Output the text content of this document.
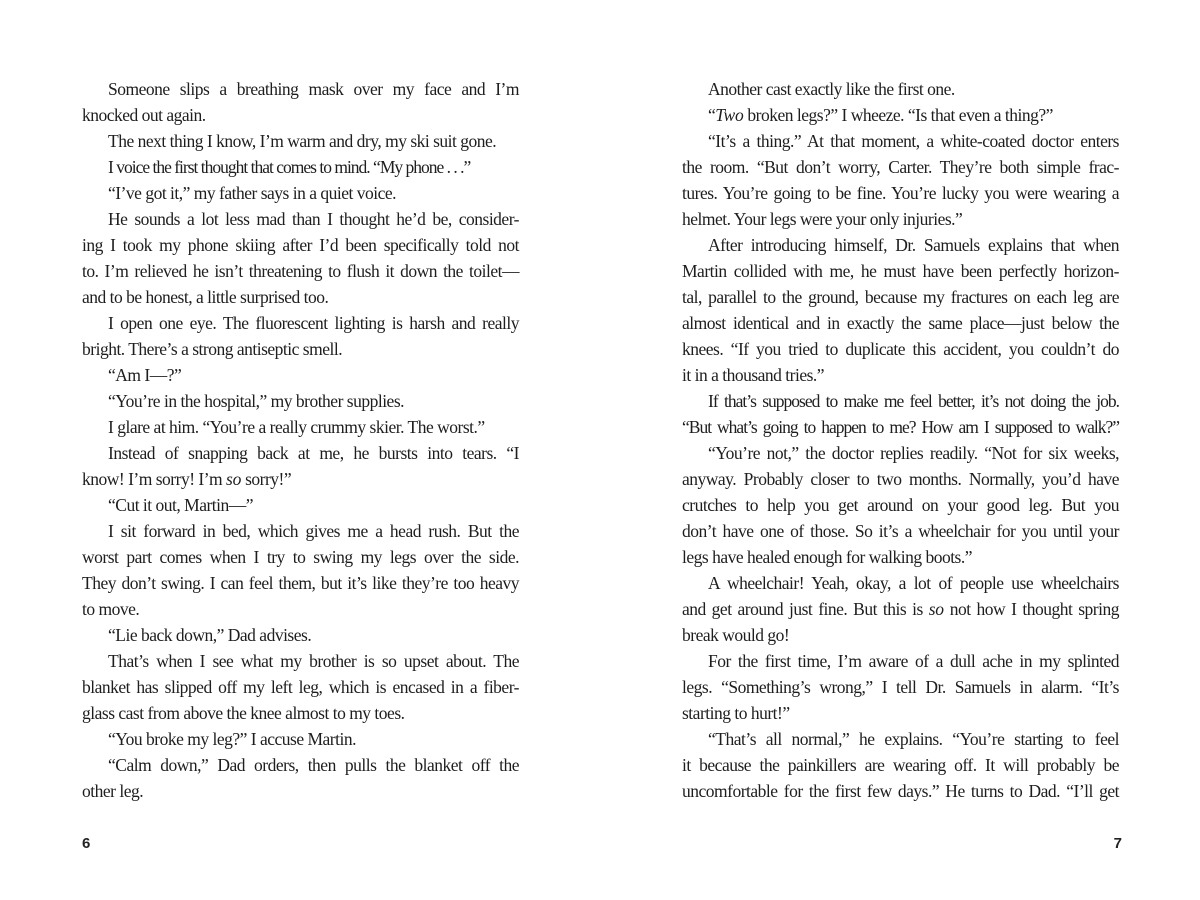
Someone slips a breathing mask over my face and I’m
knocked out again.
The next thing I know, I’m warm and dry, my ski suit gone.
I voice the first thought that comes to mind. “My phone . . .”
“I’ve got it,” my father says in a quiet voice.
He sounds a lot less mad than I thought he’d be, consider-
ing I took my phone skiing after I’d been specifically told not
to. I’m relieved he isn’t threatening to flush it down the toilet—
and to be honest, a little surprised too.
I open one eye. The fluorescent lighting is harsh and really
bright. There’s a strong antiseptic smell.
“Am I—?”
“You’re in the hospital,” my brother supplies.
I glare at him. “You’re a really crummy skier. The worst.”
Instead of snapping back at me, he bursts into tears. “I
know! I’m sorry! I’m so sorry!”
“Cut it out, Martin—”
I sit forward in bed, which gives me a head rush. But the
worst part comes when I try to swing my legs over the side.
They don’t swing. I can feel them, but it’s like they’re too heavy
to move.
“Lie back down,” Dad advises.
That’s when I see what my brother is so upset about. The
blanket has slipped off my left leg, which is encased in a fiber-
glass cast from above the knee almost to my toes.
“You broke my leg?” I accuse Martin.
“Calm down,” Dad orders, then pulls the blanket off the
other leg.
6
Another cast exactly like the first one.
“Two broken legs?” I wheeze. “Is that even a thing?”
“It’s a thing.” At that moment, a white-coated doctor enters
the room. “But don’t worry, Carter. They’re both simple frac-
tures. You’re going to be fine. You’re lucky you were wearing a
helmet. Your legs were your only injuries.”
After introducing himself, Dr. Samuels explains that when
Martin collided with me, he must have been perfectly horizon-
tal, parallel to the ground, because my fractures on each leg are
almost identical and in exactly the same place—just below the
knees. “If you tried to duplicate this accident, you couldn’t do
it in a thousand tries.”
If that’s supposed to make me feel better, it’s not doing the job.
“But what’s going to happen to me? How am I supposed to walk?”
“You’re not,” the doctor replies readily. “Not for six weeks,
anyway. Probably closer to two months. Normally, you’d have
crutches to help you get around on your good leg. But you
don’t have one of those. So it’s a wheelchair for you until your
legs have healed enough for walking boots.”
A wheelchair! Yeah, okay, a lot of people use wheelchairs
and get around just fine. But this is so not how I thought spring
break would go!
For the first time, I’m aware of a dull ache in my splinted
legs. “Something’s wrong,” I tell Dr. Samuels in alarm. “It’s
starting to hurt!”
“That’s all normal,” he explains. “You’re starting to feel
it because the painkillers are wearing off. It will probably be
uncomfortable for the first few days.” He turns to Dad. “I’ll get
7
